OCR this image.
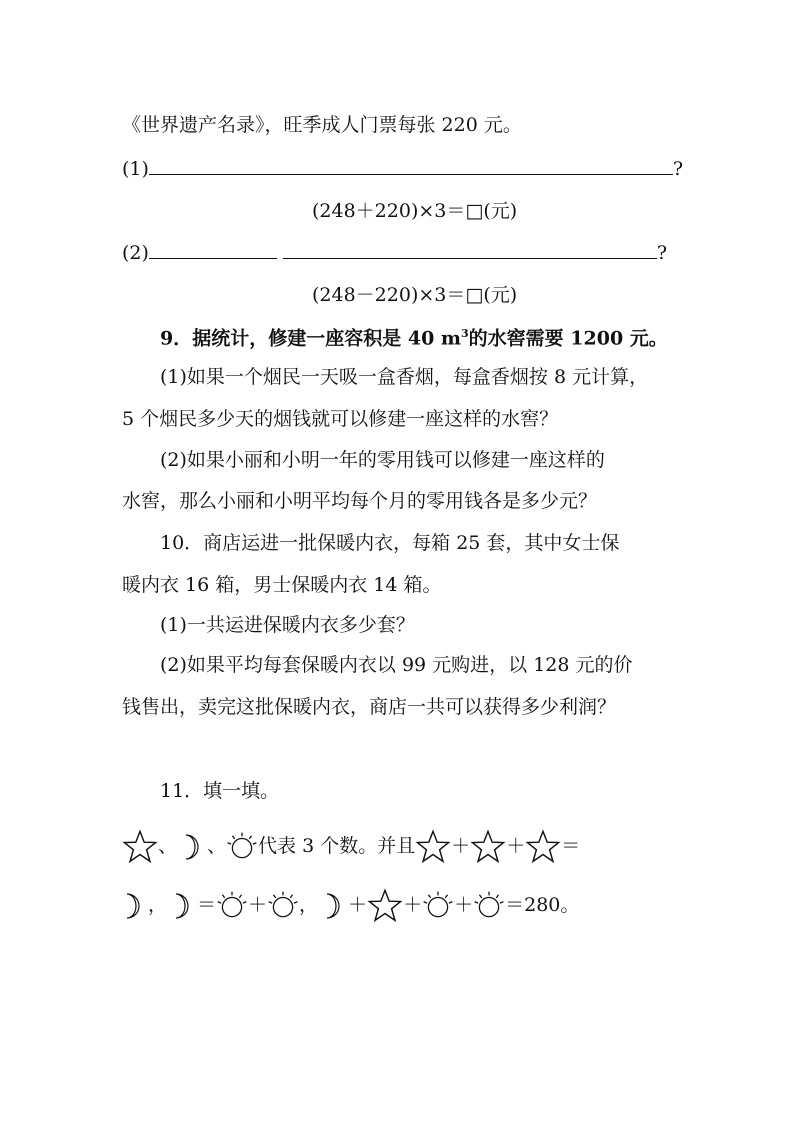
《世界遗产名录》，旺季成人门票每张 220 元。
(1)	?
(248＋220)×3＝□(元)
(2)	?
(248－220)×3＝□(元)
9．据统计，修建一座容积是 40 $m^3$的水窖需要 1200 元。
(1)如果一个烟民一天吸一盒香烟，每盒香烟按 8 元计算，
5 个烟民多少天的烟钱就可以修建一座这样的水窖？
(2)如果小丽和小明一年的零用钱可以修建一座这样的
水窖，那么小丽和小明平均每个月的零用钱各是多少元？
10．商店运进一批保暖内衣，每箱 25 套，其中女士保
暖内衣 16 箱，男士保暖内衣 14 箱。
(1)一共运进保暖内衣多少套？
(2)如果平均每套保暖内衣以 99 元购进，以 128 元的价
钱售出，卖完这批保暖内衣，商店一共可以获得多少利润？
11．填一填。
、 、 代表 3 个数。并且 ＋ ＋ ＝
， ＝ ＋ ， ＋ ＋ ＋ ＝280。
